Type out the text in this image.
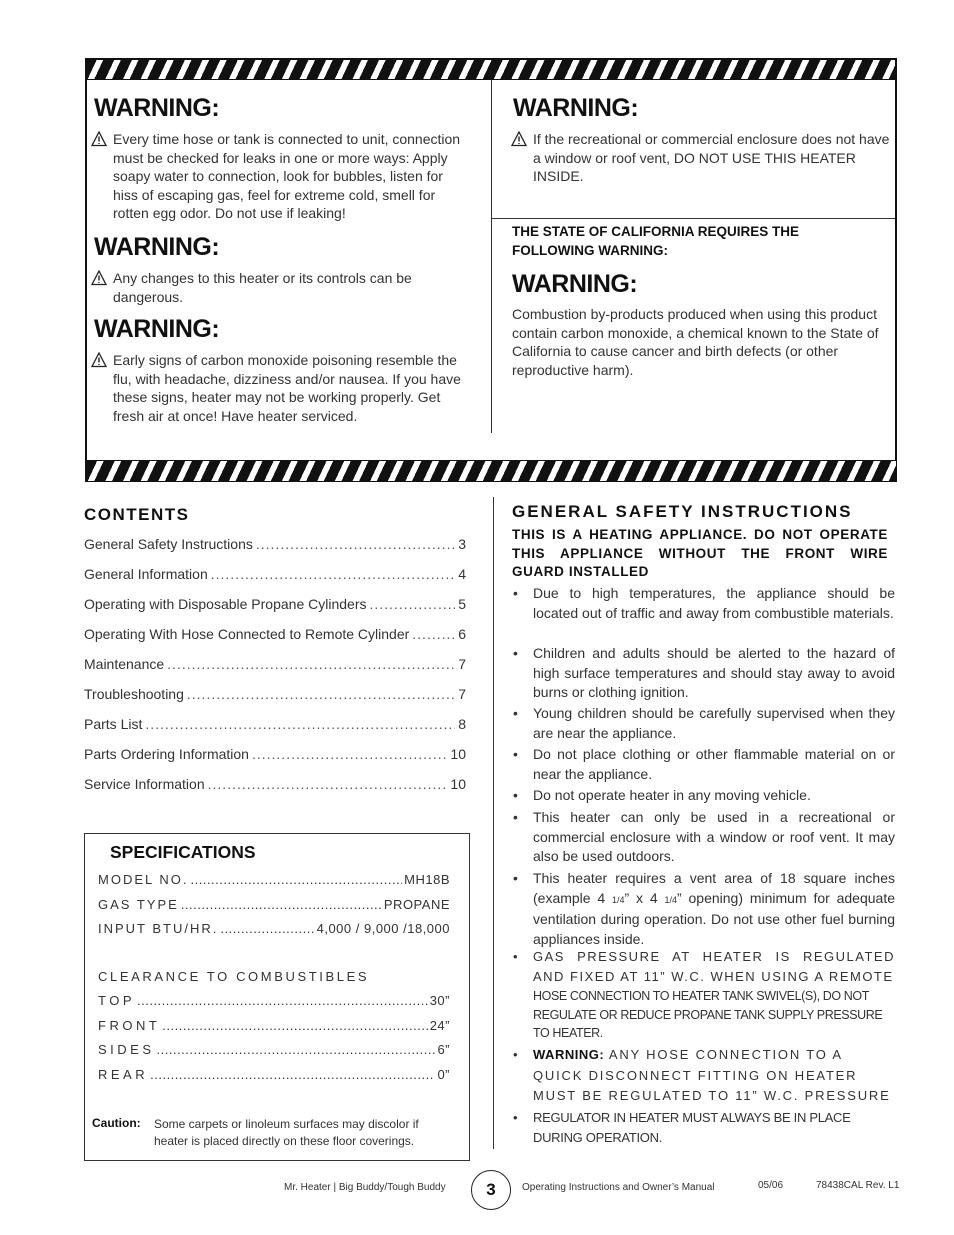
WARNING:
Every time hose or tank is connected to unit, connection must be checked for leaks in one or more ways: Apply soapy water to connection, look for bubbles, listen for hiss of escaping gas, feel for extreme cold, smell for rotten egg odor. Do not use if leaking!
WARNING:
Any changes to this heater or its controls can be dangerous.
WARNING:
Early signs of carbon monoxide poisoning resemble the flu, with headache, dizziness and/or nausea. If you have these signs, heater may not be working properly. Get fresh air at once! Have heater serviced.
WARNING:
If the recreational or commercial enclosure does not have a window or roof vent, DO NOT USE THIS HEATER INSIDE.
THE STATE OF CALIFORNIA REQUIRES THE FOLLOWING WARNING:
WARNING:
Combustion by-products produced when using this product contain carbon monoxide, a chemical known to the State of California to cause cancer and birth defects (or other reproductive harm).
CONTENTS
General Safety Instructions .....	3
General Information .....	4
Operating with Disposable Propane Cylinders .....	5
Operating With Hose Connected to Remote Cylinder .....	6
Maintenance .....	7
Troubleshooting .....	7
Parts List .....	8
Parts Ordering Information .....	10
Service Information .....	10
SPECIFICATIONS
MODEL NO. .....	MH18B
GAS TYPE .....	PROPANE
INPUT BTU/HR. .....	4,000 / 9,000 /18,000
CLEARANCE TO COMBUSTIBLES
TOP .....	30”
FRONT .....	24”
SIDES .....	6”
REAR .....	0”
Caution: Some carpets or linoleum surfaces may discolor if heater is placed directly on these floor coverings.
GENERAL SAFETY INSTRUCTIONS
THIS IS A HEATING APPLIANCE. DO NOT OPERATE THIS APPLIANCE WITHOUT THE FRONT WIRE GUARD INSTALLED
• Due to high temperatures, the appliance should be located out of traffic and away from combustible materials.
• Children and adults should be alerted to the hazard of high surface temperatures and should stay away to avoid burns or clothing ignition.
• Young children should be carefully supervised when they are near the appliance.
• Do not place clothing or other flammable material on or near the appliance.
• Do not operate heater in any moving vehicle.
• This heater can only be used in a recreational or commercial enclosure with a window or roof vent. It may also be used outdoors.
• This heater requires a vent area of 18 square inches (example 4 1/4” x 4 1/4” opening) minimum for adequate ventilation during operation. Do not use other fuel burning appliances inside.
• GAS PRESSURE AT HEATER IS REGULATED AND FIXED AT 11” W.C. WHEN USING A REMOTE
HOSE CONNECTION TO HEATER TANK SWIVEL(S), DO NOT REGULATE OR REDUCE PROPANE TANK SUPPLY PRESSURE TO HEATER.
• WARNING: ANY HOSE CONNECTION TO A QUICK DISCONNECT FITTING ON HEATER MUST BE REGULATED TO 11” W.C. PRESSURE
• REGULATOR IN HEATER MUST ALWAYS BE IN PLACE DURING OPERATION.
Mr. Heater | Big Buddy/Tough Buddy	3	Operating Instructions and Owner’s Manual	05/06	78438CAL Rev. L1
